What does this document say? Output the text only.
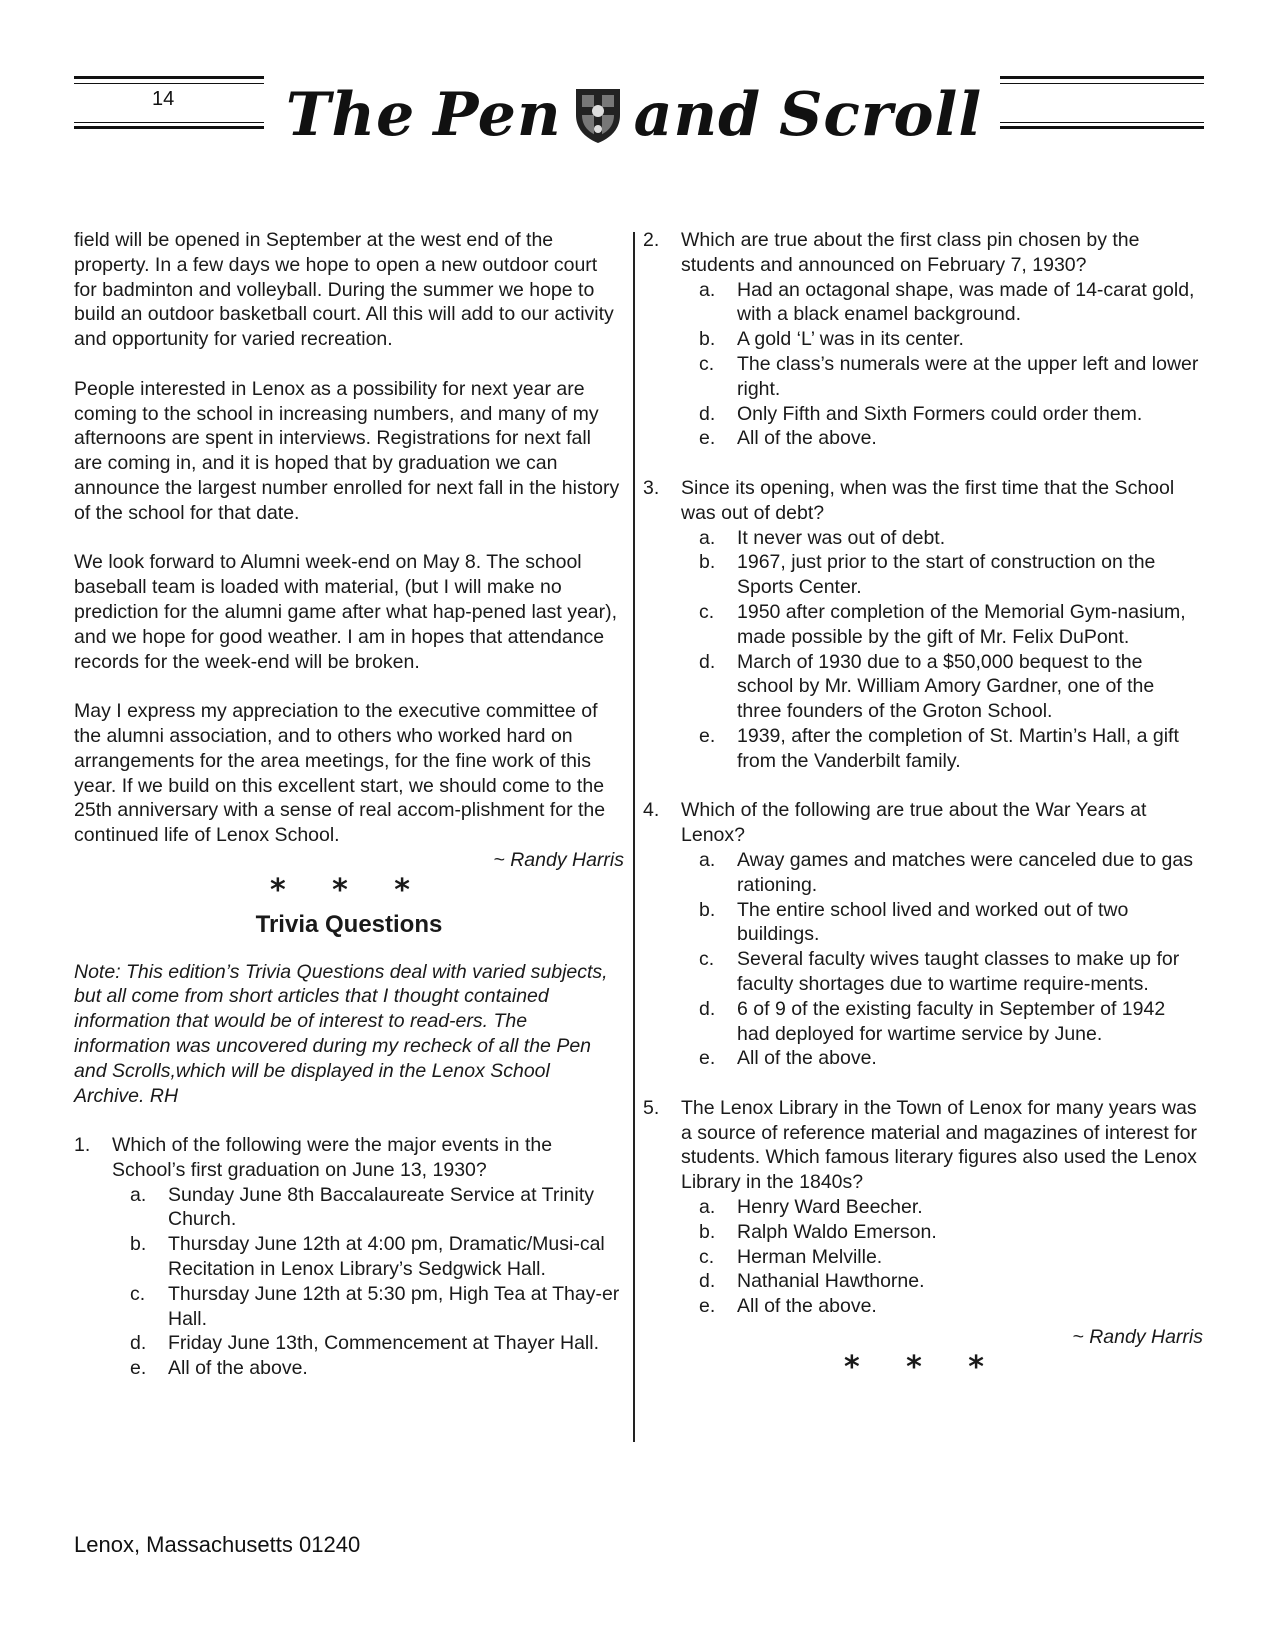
14 The Pen and Scroll

field will be opened in September at the west end of the property. In a few days we hope to open a new outdoor court for badminton and volleyball. During the summer we hope to build an outdoor basketball court. All this will add to our activity and opportunity for varied recreation.

People interested in Lenox as a possibility for next year are coming to the school in increasing numbers, and many of my afternoons are spent in interviews. Registrations for next fall are coming in, and it is hoped that by graduation we can announce the largest number enrolled for next fall in the history of the school for that date.

We look forward to Alumni week-end on May 8. The school baseball team is loaded with material, (but I will make no prediction for the alumni game after what hap-pened last year), and we hope for good weather. I am in hopes that attendance records for the week-end will be broken.

May I express my appreciation to the executive committee of the alumni association, and to others who worked hard on arrangements for the area meetings, for the fine work of this year. If we build on this excellent start, we should come to the 25th anniversary with a sense of real accom-plishment for the continued life of Lenox School.

~ Randy Harris

* * *
Trivia Questions

Note: This edition’s Trivia Questions deal with varied subjects, but all come from short articles that I thought contained information that would be of interest to read-ers. The information was uncovered during my recheck of all the Pen and Scrolls,which will be displayed in the Lenox School Archive. RH

1. Which of the following were the major events in the School’s first graduation on June 13, 1930?

a. Sunday June 8th Baccalaureate Service at Trinity Church.
b. Thursday June 12th at 4:00 pm, Dramatic/Musi-cal Recitation in Lenox Library’s Sedgwick Hall.
c. Thursday June 12th at 5:30 pm, High Tea at Thay-er Hall.
d. Friday June 13th, Commencement at Thayer Hall.
e. All of the above.
2. Which are true about the first class pin chosen by the students and announced on February 7, 1930?

a. Had an octagonal shape, was made of 14-carat gold, with a black enamel background.
b. A gold ‘L’ was in its center.
c. The class’s numerals were at the upper left and lower right.
d. Only Fifth and Sixth Formers could order them.
e. All of the above.
3. Since its opening, when was the first time that the School was out of debt?

a. It never was out of debt.
b. 1967, just prior to the start of construction on the Sports Center.
c. 1950 after completion of the Memorial Gym-nasium, made possible by the gift of Mr. Felix DuPont.
d. March of 1930 due to a $50,000 bequest to the school by Mr. William Amory Gardner, one of the three founders of the Groton School.
e. 1939, after the completion of St. Martin’s Hall, a gift from the Vanderbilt family.
4. Which of the following are true about the War Years at Lenox?

a. Away games and matches were canceled due to gas rationing.
b. The entire school lived and worked out of two buildings.
c. Several faculty wives taught classes to make up for faculty shortages due to wartime require-ments.
d. 6 of 9 of the existing faculty in September of 1942 had deployed for wartime service by June.
e. All of the above.
5. The Lenox Library in the Town of Lenox for many years was a source of reference material and magazines of interest for students. Which famous literary figures also used the Lenox Library in the 1840s?

a. Henry Ward Beecher.
b. Ralph Waldo Emerson.
c. Herman Melville.
d. Nathanial Hawthorne.
e. All of the above.

~ Randy Harris

* * *
Lenox, Massachusetts 01240
